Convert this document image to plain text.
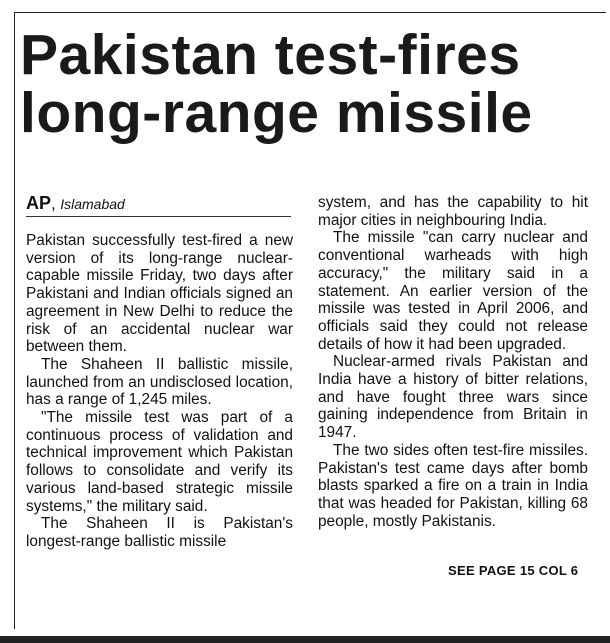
Pakistan test-fires
long-range missile
AP, Islamabad

Pakistan successfully test-fired a new version of its long-range nuclear-capable missile Friday, two days after Pakistani and Indian officials signed an agreement in New Delhi to reduce the risk of an accidental nuclear war between them.

The Shaheen II ballistic missile, launched from an undisclosed location, has a range of 1,245 miles.

"The missile test was part of a continuous process of validation and technical improvement which Pakistan follows to consolidate and verify its various land-based strategic missile systems," the military said.

The Shaheen II is Pakistan's longest-range ballistic missile

system, and has the capability to hit major cities in neighbouring India.

The missile "can carry nuclear and conventional warheads with high accuracy," the military said in a statement. An earlier version of the missile was tested in April 2006, and officials said they could not release details of how it had been upgraded.

Nuclear-armed rivals Pakistan and India have a history of bitter relations, and have fought three wars since gaining independence from Britain in 1947.

The two sides often test-fire missiles. Pakistan's test came days after bomb blasts sparked a fire on a train in India that was headed for Pakistan, killing 68 people, mostly Pakistanis.

SEE PAGE 15 COL 6
